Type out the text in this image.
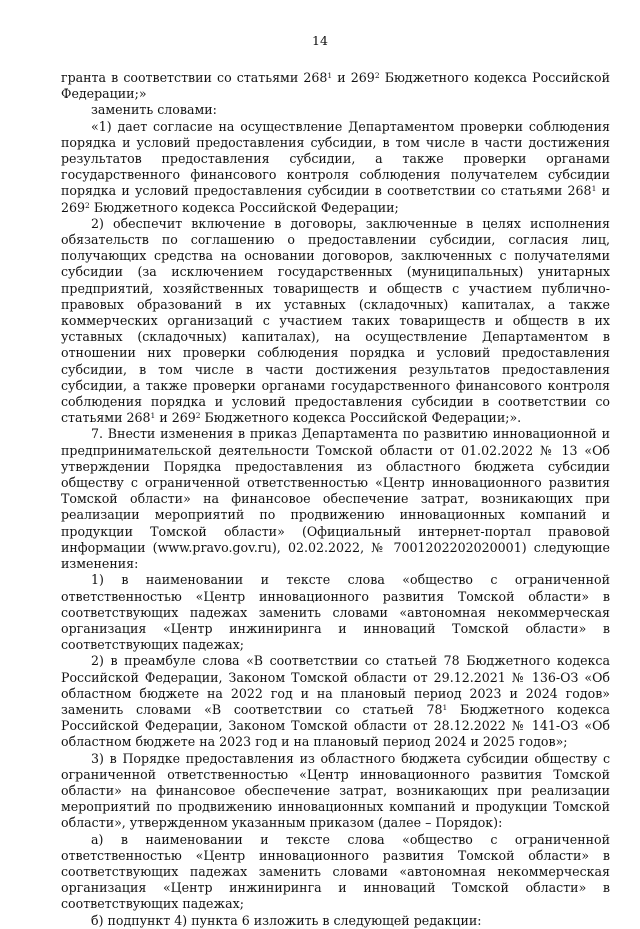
14

гранта в соответствии со статьями $268^1$ и $269^2$ Бюджетного кодекса Российской Федерации;»

заменить словами:

«1) дает согласие на осуществление Департаментом проверки соблюдения порядка и условий предоставления субсидии, в том числе в части достижения результатов предоставления субсидии, а также проверки органами государственного финансового контроля соблюдения получателем субсидии порядка и условий предоставления субсидии в соответствии со статьями $268^1$ и $269^2$ Бюджетного кодекса Российской Федерации;

2) обеспечит включение в договоры, заключенные в целях исполнения обязательств по соглашению о предоставлении субсидии, согласия лиц, получающих средства на основании договоров, заключенных с получателями субсидии (за исключением государственных (муниципальных) унитарных предприятий, хозяйственных товариществ и обществ с участием публично-правовых образований в их уставных (складочных) капиталах, а также коммерческих организаций с участием таких товариществ и обществ в их уставных (складочных) капиталах), на осуществление Департаментом в отношении них проверки соблюдения порядка и условий предоставления субсидии, в том числе в части достижения результатов предоставления субсидии, а также проверки органами государственного финансового контроля соблюдения порядка и условий предоставления субсидии в соответствии со статьями $268^1$ и $269^2$ Бюджетного кодекса Российской Федерации;».

7. Внести изменения в приказ Департамента по развитию инновационной и предпринимательской деятельности Томской области от 01.02.2022 № 13 «Об утверждении Порядка предоставления из областного бюджета субсидии обществу с ограниченной ответственностью «Центр инновационного развития Томской области» на финансовое обеспечение затрат, возникающих при реализации мероприятий по продвижению инновационных компаний и продукции Томской области» (Официальный интернет-портал правовой информации (www.pravo.gov.ru), 02.02.2022, № 7001202202020001) следующие изменения:

1) в наименовании и тексте слова «общество с ограниченной ответственностью «Центр инновационного развития Томской области» в соответствующих падежах заменить словами «автономная некоммерческая организация «Центр инжиниринга и инноваций Томской области» в соответствующих падежах;

2) в преамбуле слова «В соответствии со статьей 78 Бюджетного кодекса Российской Федерации, Законом Томской области от 29.12.2021 № 136-ОЗ «Об областном бюджете на 2022 год и на плановый период 2023 и 2024 годов» заменить словами «В соответствии со статьей $78^1$ Бюджетного кодекса Российской Федерации, Законом Томской области от 28.12.2022 № 141-ОЗ «Об областном бюджете на 2023 год и на плановый период 2024 и 2025 годов»;

3) в Порядке предоставления из областного бюджета субсидии обществу с ограниченной ответственностью «Центр инновационного развития Томской области» на финансовое обеспечение затрат, возникающих при реализации мероприятий по продвижению инновационных компаний и продукции Томской области», утвержденном указанным приказом (далее – Порядок):

а) в наименовании и тексте слова «общество с ограниченной ответственностью «Центр инновационного развития Томской области» в соответствующих падежах заменить словами «автономная некоммерческая организация «Центр инжиниринга и инноваций Томской области» в соответствующих падежах;

б) подпункт 4) пункта 6 изложить в следующей редакции:
